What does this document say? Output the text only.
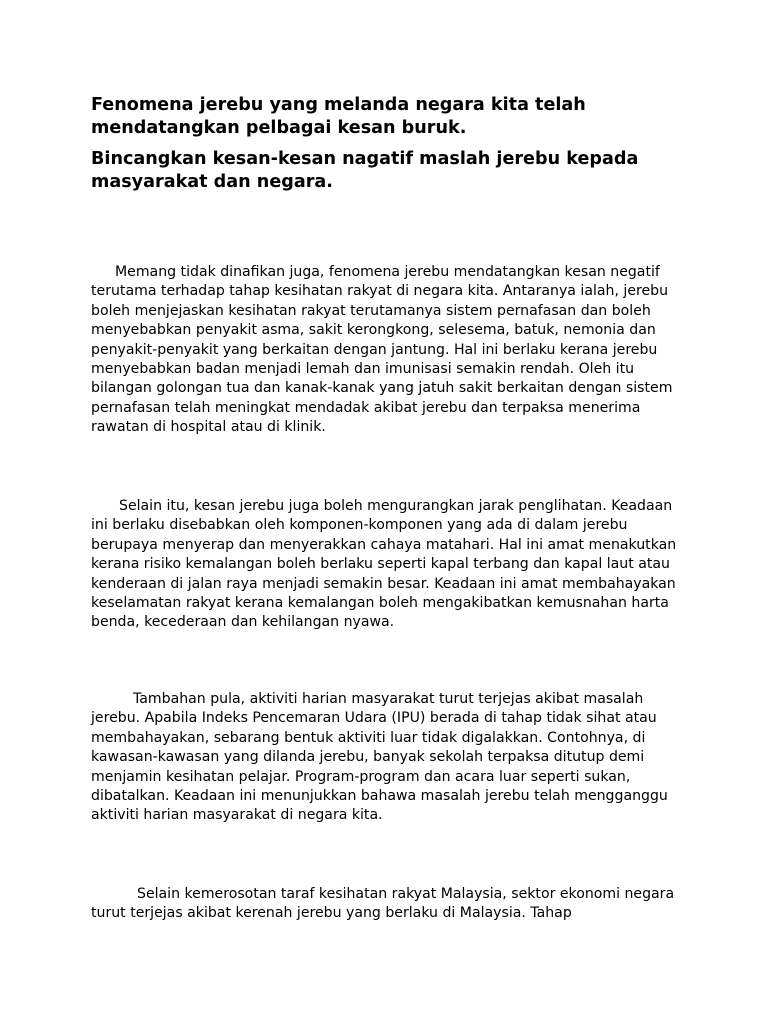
Fenomena jerebu yang melanda negara kita telah mendatangkan pelbagai kesan buruk.

Bincangkan kesan-kesan nagatif maslah jerebu kepada masyarakat dan negara.

Memang tidak dinafikan juga, fenomena jerebu mendatangkan kesan negatif terutama terhadap tahap kesihatan rakyat di negara kita. Antaranya ialah, jerebu boleh menjejaskan kesihatan rakyat terutamanya sistem pernafasan dan boleh menyebabkan penyakit asma, sakit kerongkong, selesema, batuk, nemonia dan penyakit-penyakit yang berkaitan dengan jantung. Hal ini berlaku kerana jerebu menyebabkan badan menjadi lemah dan imunisasi semakin rendah. Oleh itu bilangan golongan tua dan kanak-kanak yang jatuh sakit berkaitan dengan sistem pernafasan telah meningkat mendadak akibat jerebu dan terpaksa menerima rawatan di hospital atau di klinik.

Selain itu, kesan jerebu juga boleh mengurangkan jarak penglihatan. Keadaan ini berlaku disebabkan oleh komponen-komponen yang ada di dalam jerebu berupaya menyerap dan menyerakkan cahaya matahari. Hal ini amat menakutkan kerana risiko kemalangan boleh berlaku seperti kapal terbang dan kapal laut atau kenderaan di jalan raya menjadi semakin besar. Keadaan ini amat membahayakan keselamatan rakyat kerana kemalangan boleh mengakibatkan kemusnahan harta benda, kecederaan dan kehilangan nyawa.

Tambahan pula, aktiviti harian masyarakat turut terjejas akibat masalah jerebu. Apabila Indeks Pencemaran Udara (IPU) berada di tahap tidak sihat atau membahayakan, sebarang bentuk aktiviti luar tidak digalakkan. Contohnya, di kawasan-kawasan yang dilanda jerebu, banyak sekolah terpaksa ditutup demi menjamin kesihatan pelajar. Program-program dan acara luar seperti sukan, dibatalkan. Keadaan ini menunjukkan bahawa masalah jerebu telah mengganggu aktiviti harian masyarakat di negara kita.

Selain kemerosotan taraf kesihatan rakyat Malaysia, sektor ekonomi negara turut terjejas akibat kerenah jerebu yang berlaku di Malaysia. Tahap
